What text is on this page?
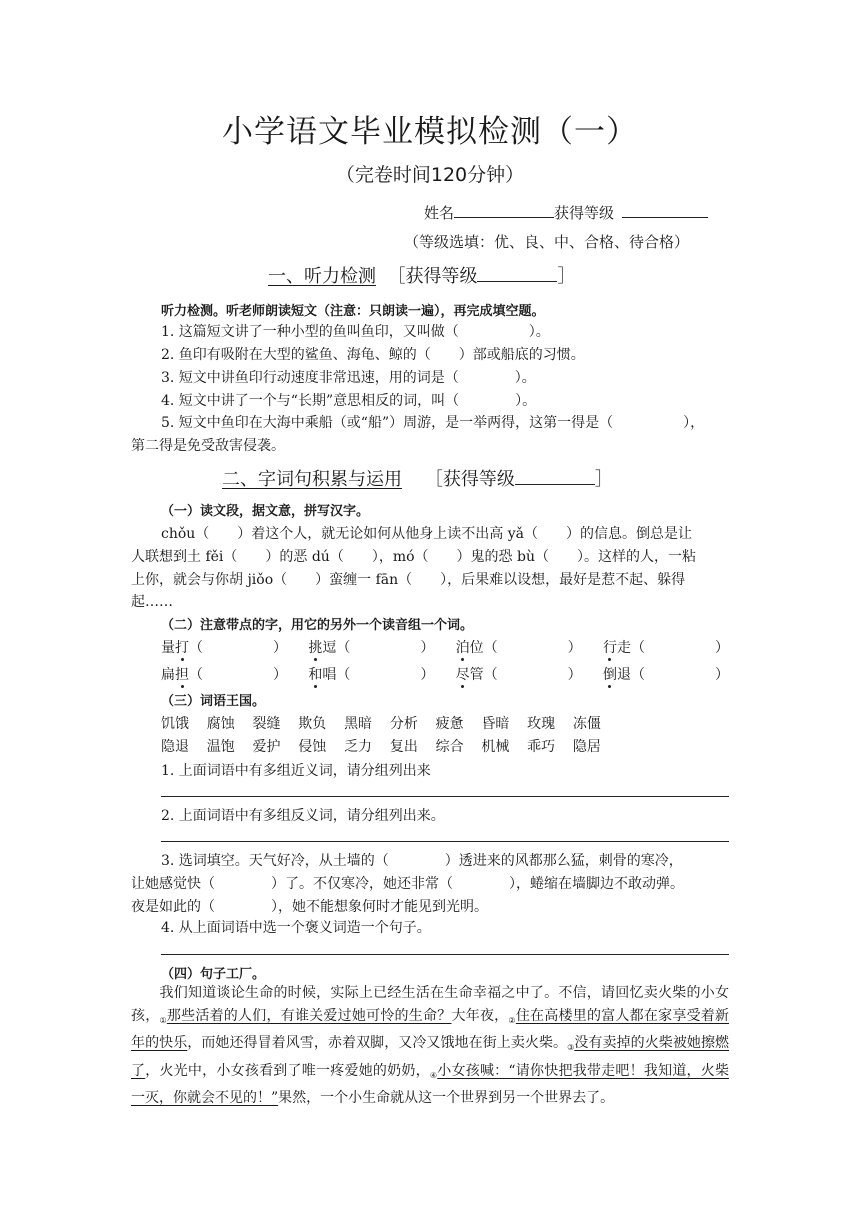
小学语文毕业模拟检测（一）
（完卷时间120分钟）
姓名	获得等级
（等级选填：优、良、中、合格、待合格）
一、听力检测 ［获得等级	］
听力检测。听老师朗读短文（注意：只朗读一遍），再完成填空题。
1. 这篇短文讲了一种小型的鱼叫鱼印，又叫做（　　　　　）。
2. 鱼印有吸附在大型的鲨鱼、海龟、鲸的（　　）部或船底的习惯。
3. 短文中讲鱼印行动速度非常迅速，用的词是（　　　　）。
4. 短文中讲了一个与“长期”意思相反的词，叫（　　　　）。
5. 短文中鱼印在大海中乘船（或“船”）周游，是一举两得，这第一得是（　　　　　），
第二得是免受敌害侵袭。
二、字词句积累与运用 ［获得等级	］
（一）读文段，据文意，拼写汉字。
chǒu（　　）着这个人，就无论如何从他身上读不出高 yǎ（　　）的信息。倒总是让
人联想到土 fěi（　　）的恶 dú（　　），mó（　　）鬼的恐 bù（　　）。这样的人，一粘
上你，就会与你胡 jiǒo（　　）蛮缠一 fān（　　），后果难以设想，最好是惹不起、躲得
起……
（二）注意带点的字，用它的另外一个读音组一个词。
量打（　　　　　） 挑逗（　　　　　） 泊位（　　　　　） 行走（　　　　　）
扁担（　　　　　） 和唱（　　　　　） 尽管（　　　　　） 倒退（　　　　　）
（三）词语王国。
饥饿 腐蚀 裂缝 欺负 黑暗 分析 疲惫 昏暗 玫瑰 冻僵
隐退 温饱 爱护 侵蚀 乏力 复出 综合 机械 乖巧 隐居
1. 上面词语中有多组近义词，请分组列出来
2. 上面词语中有多组反义词，请分组列出来。
3. 选词填空。天气好冷，从土墙的（　　　　）透进来的风都那么猛，刺骨的寒冷，
让她感觉快（　　　　）了。不仅寒冷，她还非常（　　　　），蜷缩在墙脚边不敢动弹。
夜是如此的（　　　　），她不能想象何时才能见到光明。
4. 从上面词语中选一个褒义词造一个句子。
（四）句子工厂。
　　我们知道谈论生命的时候，实际上已经生活在生命幸福之中了。不信，请回忆卖火柴的小女孩，$_①$那些活着的人们，有谁关爱过她可怜的生命？大年夜，$_②$住在高楼里的富人都在家享受着新年的快乐，而她还得冒着风雪，赤着双脚，又冷又饿地在街上卖火柴。$_③$没有卖掉的火柴被她擦燃了，火光中，小女孩看到了唯一疼爱她的奶奶，$_④$小女孩喊：“请你快把我带走吧！我知道，火柴一灭，你就会不见的！”果然，一个小生命就从这一个世界到另一个世界去了。
